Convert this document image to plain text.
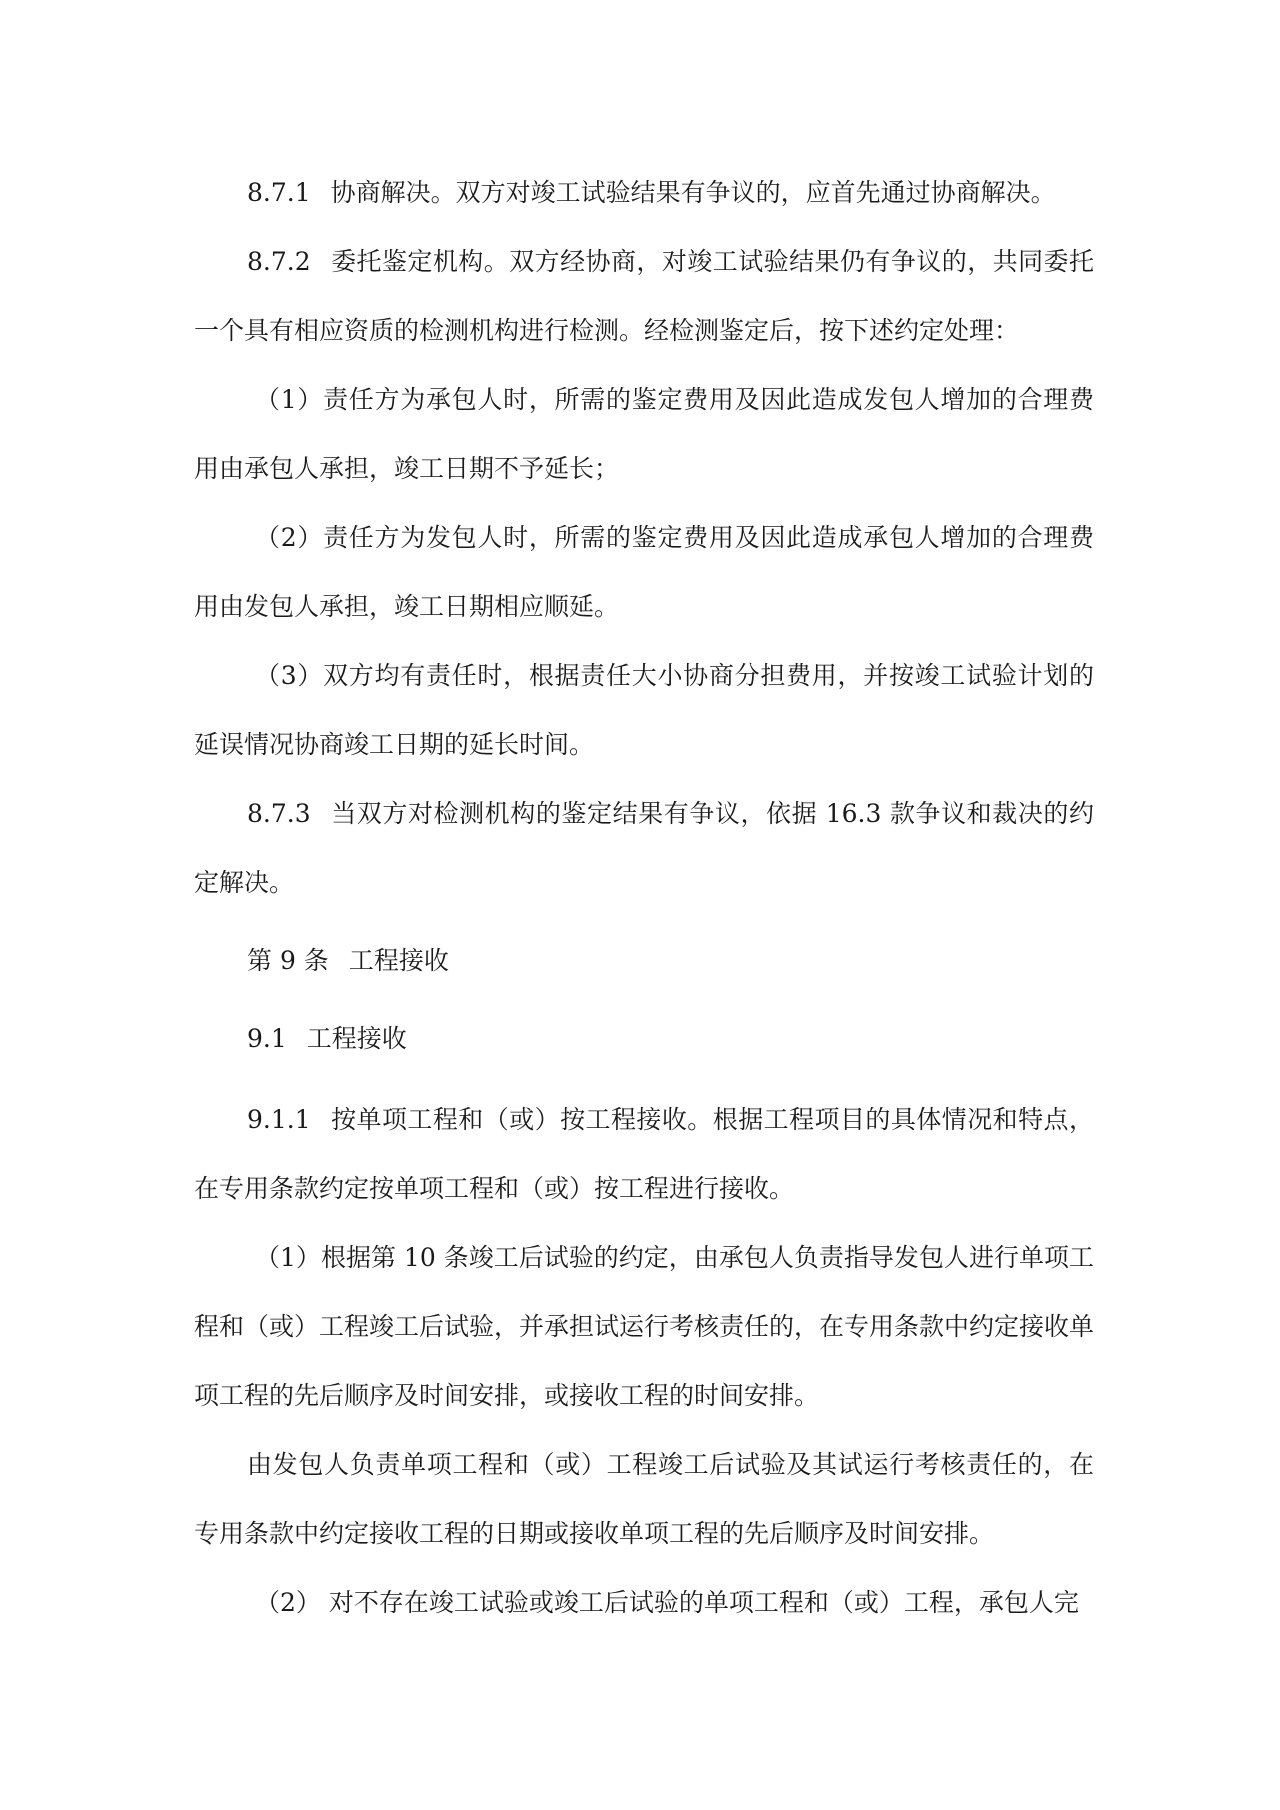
8.7.1 协商解决。双方对竣工试验结果有争议的，应首先通过协商解决。

8.7.2 委托鉴定机构。双方经协商，对竣工试验结果仍有争议的，共同委托一个具有相应资质的检测机构进行检测。经检测鉴定后，按下述约定处理：

（1）责任方为承包人时，所需的鉴定费用及因此造成发包人增加的合理费用由承包人承担，竣工日期不予延长；

（2）责任方为发包人时，所需的鉴定费用及因此造成承包人增加的合理费用由发包人承担，竣工日期相应顺延。

（3）双方均有责任时，根据责任大小协商分担费用，并按竣工试验计划的延误情况协商竣工日期的延长时间。

8.7.3 当双方对检测机构的鉴定结果有争议，依据 16.3 款争议和裁决的约定解决。

第 9 条 工程接收

9.1 工程接收

9.1.1 按单项工程和（或）按工程接收。根据工程项目的具体情况和特点，在专用条款约定按单项工程和（或）按工程进行接收。

（1）根据第 10 条竣工后试验的约定，由承包人负责指导发包人进行单项工程和（或）工程竣工后试验，并承担试运行考核责任的，在专用条款中约定接收单项工程的先后顺序及时间安排，或接收工程的时间安排。

由发包人负责单项工程和（或）工程竣工后试验及其试运行考核责任的，在专用条款中约定接收工程的日期或接收单项工程的先后顺序及时间安排。

（2） 对不存在竣工试验或竣工后试验的单项工程和（或）工程，承包人完
